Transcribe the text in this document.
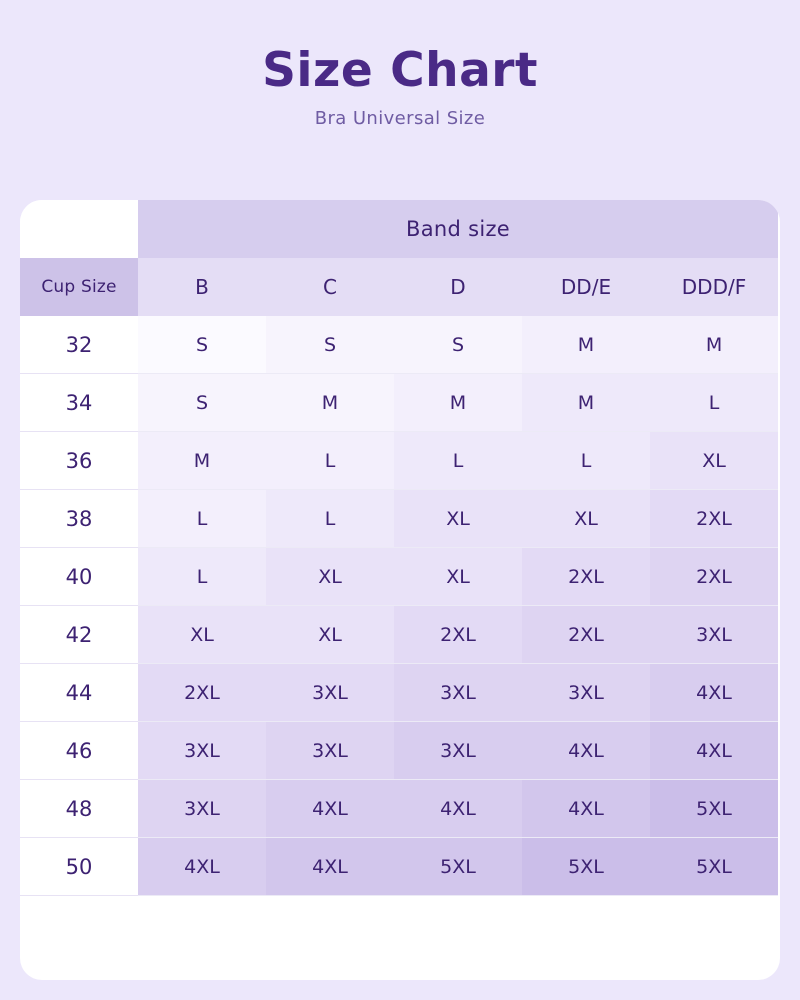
Size Chart
Bra Universal Size
	Band size				
Cup Size	B	C	D	DD/E	DDD/F
32	S	S	S	M	M
34	S	M	M	M	L
36	M	L	L	L	XL
38	L	L	XL	XL	2XL
40	L	XL	XL	2XL	2XL
42	XL	XL	2XL	2XL	3XL
44	2XL	3XL	3XL	3XL	4XL
46	3XL	3XL	3XL	4XL	4XL
48	3XL	4XL	4XL	4XL	5XL
50	4XL	4XL	5XL	5XL	5XL
